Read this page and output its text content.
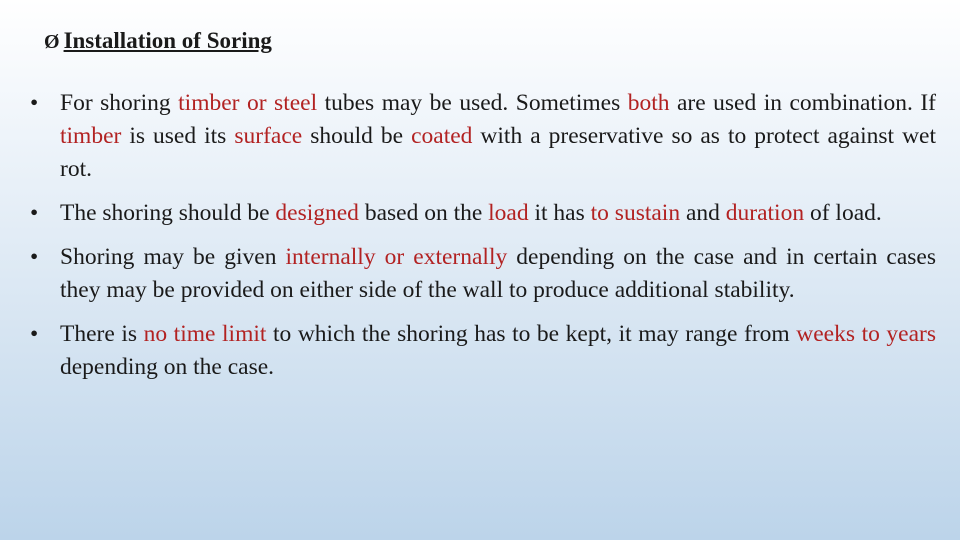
Ø Installation of Soring
• For shoring timber or steel tubes may be used. Sometimes both are used in combination. If timber is used its surface should be coated with a preservative so as to protect against wet rot.
• The shoring should be designed based on the load it has to sustain and duration of load.
• Shoring may be given internally or externally depending on the case and in certain cases they may be provided on either side of the wall to produce additional stability.
• There is no time limit to which the shoring has to be kept, it may range from weeks to years depending on the case.
